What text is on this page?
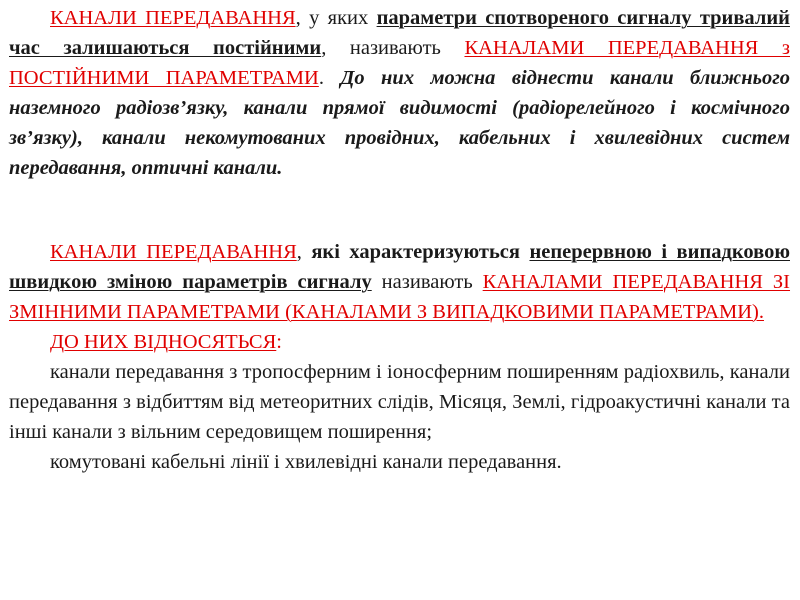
КАНАЛИ ПЕРЕДАВАННЯ, у яких параметри спотвореного сигналу тривалий час залишаються постійними, називають КАНАЛАМИ ПЕРЕДАВАННЯ з ПОСТІЙНИМИ ПАРАМЕТРАМИ. До них можна віднести канали ближнього наземного радіозв’язку, канали прямої видимості (радіорелейного і космічного зв’язку), канали некомутованих провідних, кабельних і хвилевідних систем передавання, оптичні канали.

КАНАЛИ ПЕРЕДАВАННЯ, які характеризуються неперервною і випадковою швидкою зміною параметрів сигналу називають КАНАЛАМИ ПЕРЕДАВАННЯ ЗІ ЗМІННИМИ ПАРАМЕТРАМИ (КАНАЛАМИ З ВИПАДКОВИМИ ПАРАМЕТРАМИ).
ДО НИХ ВІДНОСЯТЬСЯ:
канали передавання з тропосферним і іоносферним поширенням радіохвиль, канали передавання з відбиттям від метеоритних слідів, Місяця, Землі, гідроакустичні канали та інші канали з вільним середовищем поширення;
комутовані кабельні лінії і хвилевідні канали передавання.
